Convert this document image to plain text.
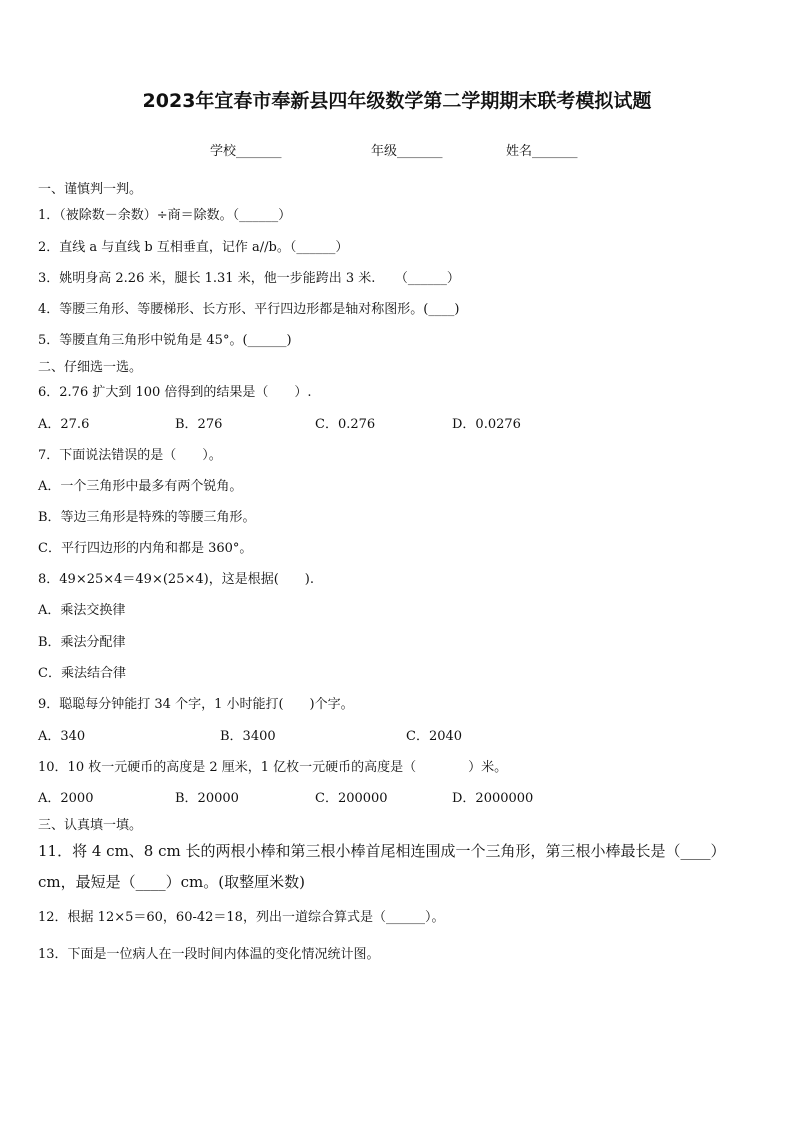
2023年宜春市奉新县四年级数学第二学期期末联考模拟试题
学校_______	年级_______	姓名_______
一、谨慎判一判。
1．（被除数－余数）÷商＝除数。（______）
2．直线 a 与直线 b 互相垂直，记作 a//b。（______）
3．姚明身高 2.26 米，腿长 1.31 米，他一步能跨出 3 米.　　（______）
4．等腰三角形、等腰梯形、长方形、平行四边形都是轴对称图形。(____)
5．等腰直角三角形中锐角是 45°。(______)
二、仔细选一选。
6．2.76 扩大到 100 倍得到的结果是（　　）.
A．27.6	B．276	C．0.276	D．0.0276
7．下面说法错误的是（　　）。
A．一个三角形中最多有两个锐角。
B．等边三角形是特殊的等腰三角形。
C．平行四边形的内角和都是 360°。
8．49×25×4＝49×(25×4)，这是根据(　　).
A．乘法交换律
B．乘法分配律
C．乘法结合律
9．聪聪每分钟能打 34 个字，1 小时能打(　　)个字。
A．340	B．3400	C．2040
10．10 枚一元硬币的高度是 2 厘米，1 亿枚一元硬币的高度是（　　　　）米。
A．2000	B．20000	C．200000	D．2000000
三、认真填一填。
11．将 4 cm、8 cm 长的两根小棒和第三根小棒首尾相连围成一个三角形，第三根小棒最长是（____）
cm，最短是（____）cm。(取整厘米数)
12．根据 12×5＝60，60-42＝18，列出一道综合算式是（______）。
13．下面是一位病人在一段时间内体温的变化情况统计图。
